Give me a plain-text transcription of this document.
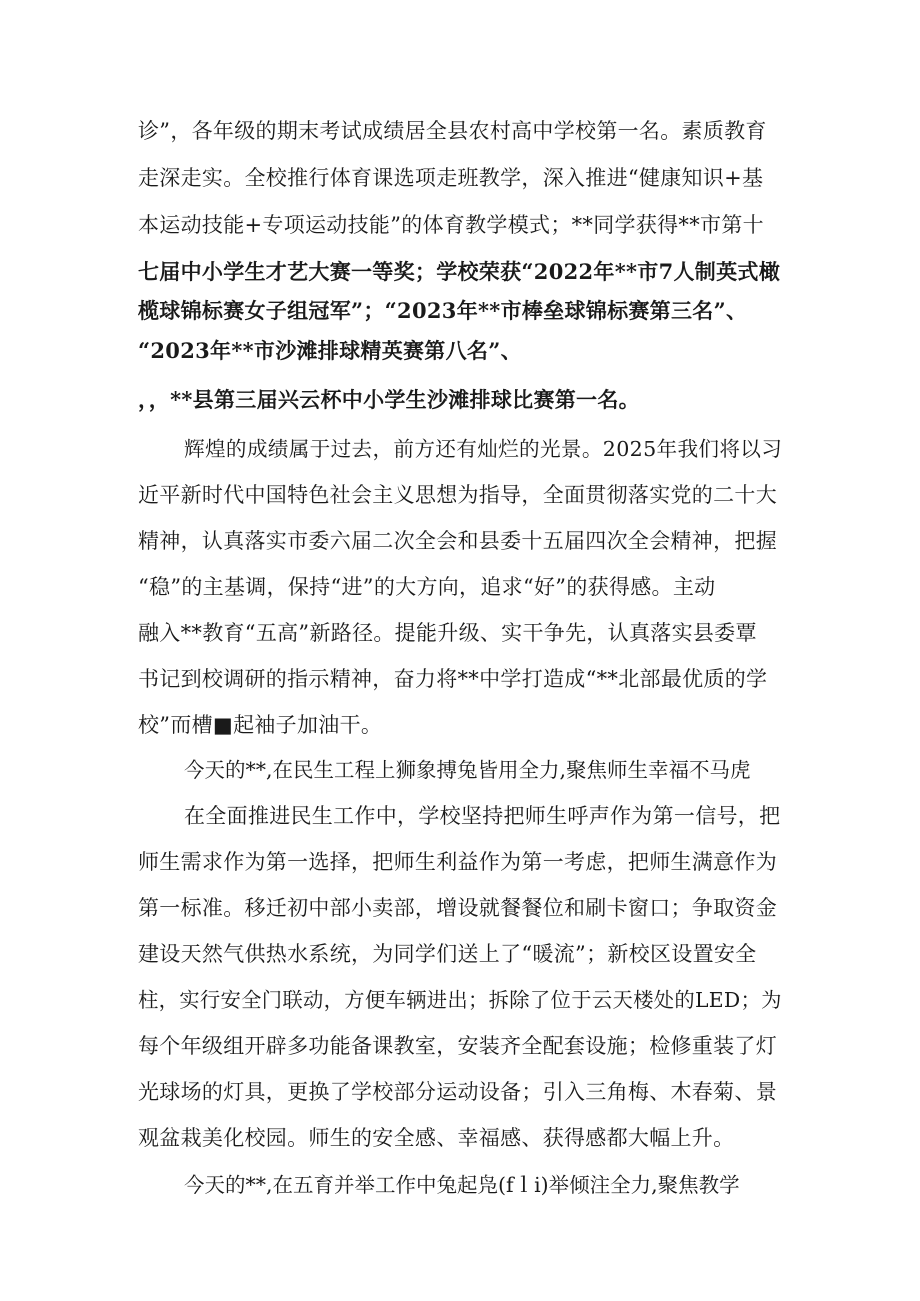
诊”，各年级的期末考试成绩居全县农村高中学校第一名。素质教育
走深走实。全校推行体育课选项走班教学，深入推进“健康知识+基
本运动技能+专项运动技能”的体育教学模式；**同学获得**市第十
七届中小学生才艺大赛一等奖；学校荣获“2022年**市7人制英式橄
榄球锦标赛女子组冠军”；“2023年**市棒垒球锦标赛第三名”、
“2023年**市沙滩排球精英赛第八名”、
，，**县第三届兴云杯中小学生沙滩排球比赛第一名。
辉煌的成绩属于过去，前方还有灿烂的光景。2025年我们将以习
近平新时代中国特色社会主义思想为指导，全面贯彻落实党的二十大
精神，认真落实市委六届二次全会和县委十五届四次全会精神，把握
“稳”的主基调，保持“进”的大方向，追求“好”的获得感。主动
融入**教育“五高”新路径。提能升级、实干争先，认真落实县委覃
书记到校调研的指示精神，奋力将**中学打造成“**北部最优质的学
校”而槽■起袖子加油干。
今天的**,在民生工程上狮象搏兔皆用全力,聚焦师生幸福不马虎
在全面推进民生工作中，学校坚持把师生呼声作为第一信号，把
师生需求作为第一选择，把师生利益作为第一考虑，把师生满意作为
第一标准。移迁初中部小卖部，增设就餐餐位和刷卡窗口；争取资金
建设天然气供热水系统，为同学们送上了“暖流”；新校区设置安全
柱，实行安全门联动，方便车辆进出；拆除了位于云天楼处的LED；为
每个年级组开辟多功能备课教室，安装齐全配套设施；检修重装了灯
光球场的灯具，更换了学校部分运动设备；引入三角梅、木春菊、景
观盆栽美化校园。师生的安全感、幸福感、获得感都大幅上升。
今天的**,在五育并举工作中兔起凫(fｌi)举倾注全力,聚焦教学
